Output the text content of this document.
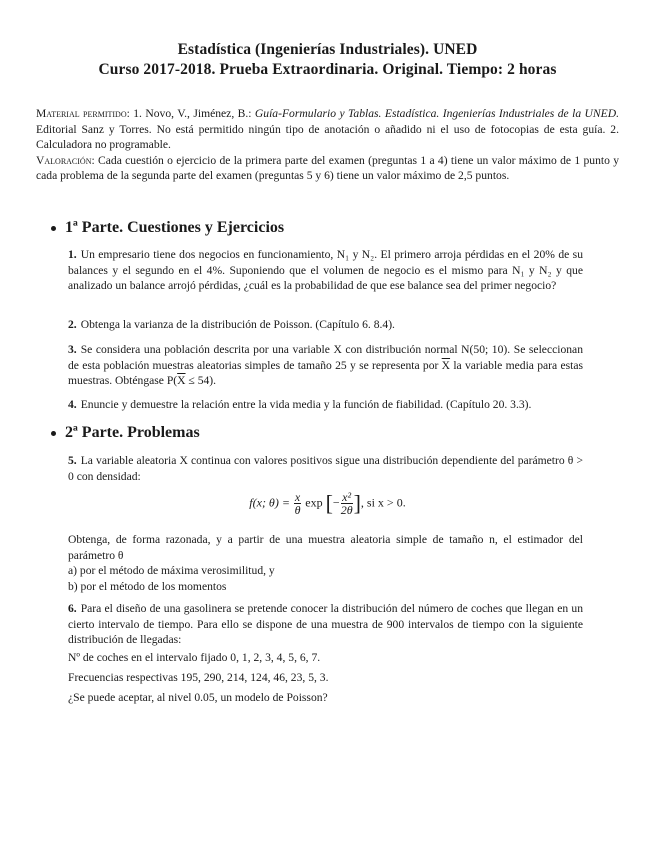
Estadística (Ingenierías Industriales). UNED
Curso 2017-2018. Prueba Extraordinaria. Original. Tiempo: 2 horas

Material permitido: 1. Novo, V., Jiménez, B.: Guía-Formulario y Tablas. Estadística. Ingenierías Industriales de la UNED. Editorial Sanz y Torres. No está permitido ningún tipo de anotación o añadido ni el uso de fotocopias de esta guía. 2. Calculadora no programable.

Valoración: Cada cuestión o ejercicio de la primera parte del examen (preguntas 1 a 4) tiene un valor máximo de 1 punto y cada problema de la segunda parte del examen (preguntas 5 y 6) tiene un valor máximo de 2,5 puntos.

1ª Parte. Cuestiones y Ejercicios

1. Un empresario tiene dos negocios en funcionamiento, N₁ y N₂. El primero arroja pérdidas en el 20% de su balances y el segundo en el 4%. Suponiendo que el volumen de negocio es el mismo para N₁ y N₂ y que analizado un balance arrojó pérdidas, ¿cuál es la probabilidad de que ese balance sea del primer negocio?

2. Obtenga la varianza de la distribución de Poisson. (Capítulo 6. 8.4).

3. Se considera una población descrita por una variable X con distribución normal N(50; 10). Se seleccionan de esta población muestras aleatorias simples de tamaño 25 y se representa por $\overline{X}$ la variable media para estas muestras. Obténgase $P(\overline{X} \le 54)$.

4. Enuncie y demuestre la relación entre la vida media y la función de fiabilidad. (Capítulo 20. 3.3).

2ª Parte. Problemas

5. La variable aleatoria X continua con valores positivos sigue una distribución dependiente del parámetro θ > 0 con densidad:

f(x; $\theta) = \frac{x}{\theta}$ exp [− $\frac{\text{x²}}{2\theta}$ ], si x > 0.

Obtenga, de forma razonada, y a partir de una muestra aleatoria simple de tamaño n, el estimador del parámetro θ

a) por el método de máxima verosimilitud, y

b) por el método de los momentos

6. Para el diseño de una gasolinera se pretende conocer la distribución del número de coches que llegan en un cierto intervalo de tiempo. Para ello se dispone de una muestra de 900 intervalos de tiempo con la siguiente distribución de llegadas:

Nº de coches en el intervalo fijado 0, 1, 2, 3, 4, 5, 6, 7.
Frecuencias respectivas 195, 290, 214, 124, 46, 23, 5, 3.
¿Se puede aceptar, al nivel 0.05, un modelo de Poisson?
